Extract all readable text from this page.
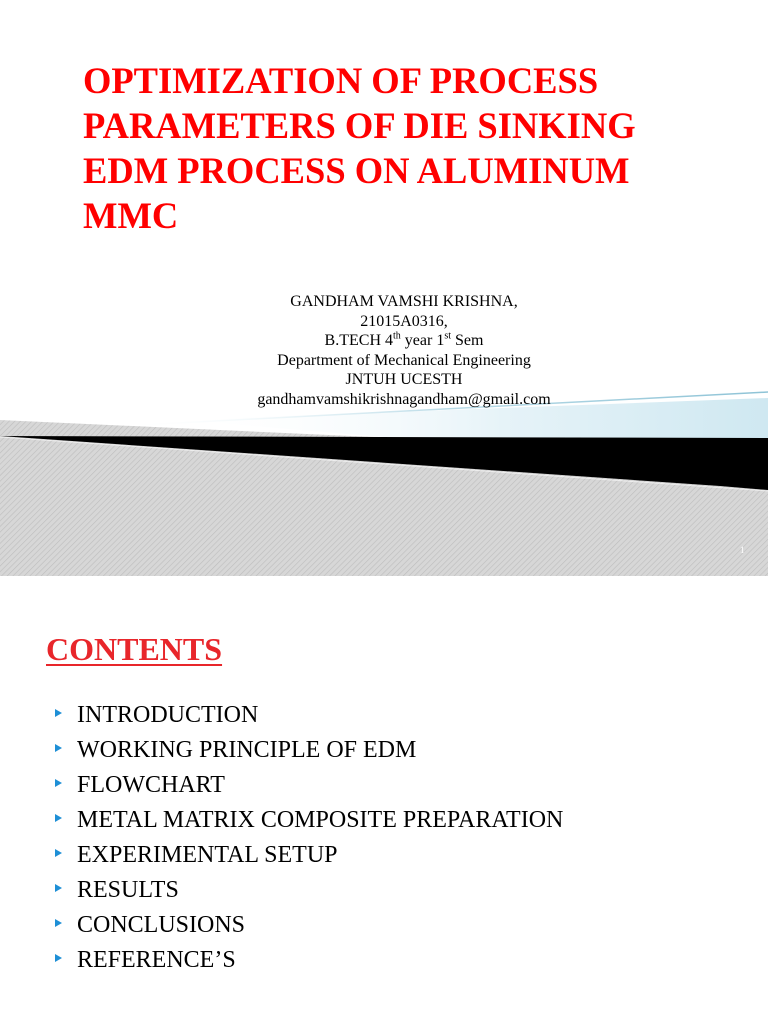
OPTIMIZATION OF PROCESS PARAMETERS OF DIE SINKING EDM PROCESS ON ALUMINUM MMC
GANDHAM VAMSHI KRISHNA,
21015A0316,
B.TECH 4th year 1st Sem
Department of Mechanical Engineering
JNTUH UCESTH
gandhamvamshikrishnagandham@gmail.com
1
CONTENTS
INTRODUCTION
WORKING PRINCIPLE OF EDM
FLOWCHART
METAL MATRIX COMPOSITE PREPARATION
EXPERIMENTAL SETUP
RESULTS
CONCLUSIONS
REFERENCE’S
